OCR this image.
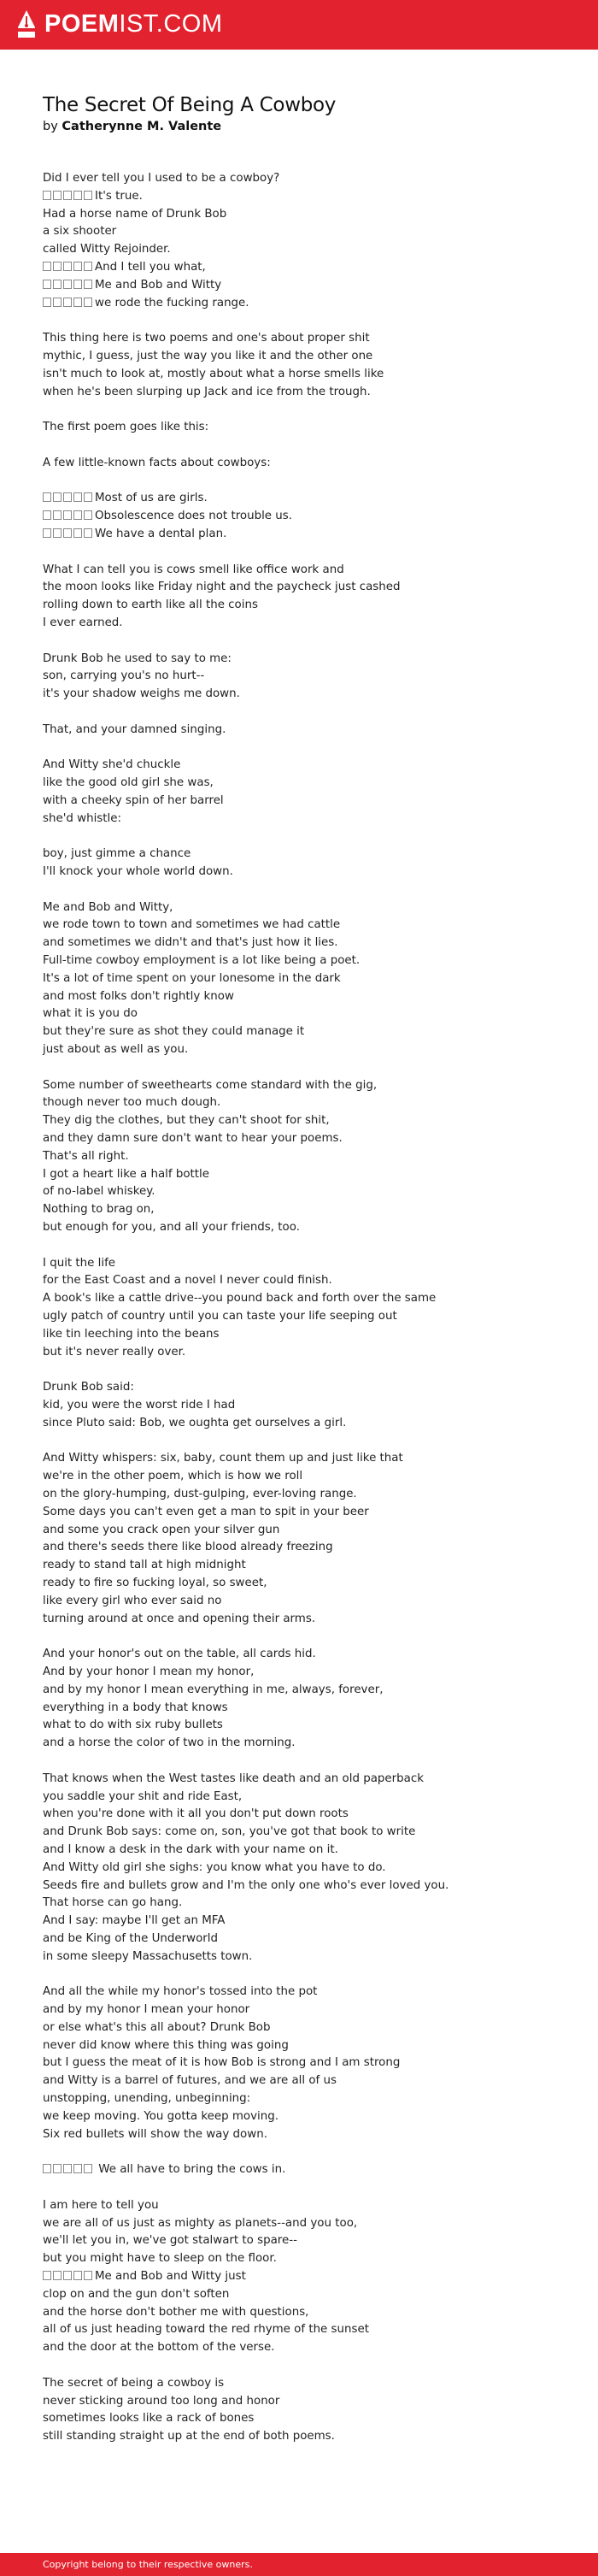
POEMIST.COM
The Secret Of Being A Cowboy
by Catherynne M. Valente
Did I ever tell you I used to be a cowboy?
It's true.
Had a horse name of Drunk Bob
a six shooter
called Witty Rejoinder.
And I tell you what,
Me and Bob and Witty
we rode the fucking range.
This thing here is two poems and one's about proper shit
mythic, I guess, just the way you like it and the other one
isn't much to look at, mostly about what a horse smells like
when he's been slurping up Jack and ice from the trough.
The first poem goes like this:
A few little-known facts about cowboys:
Most of us are girls.
Obsolescence does not trouble us.
We have a dental plan.
What I can tell you is cows smell like office work and
the moon looks like Friday night and the paycheck just cashed
rolling down to earth like all the coins
I ever earned.
Drunk Bob he used to say to me:
son, carrying you's no hurt--
it's your shadow weighs me down.
That, and your damned singing.
And Witty she'd chuckle
like the good old girl she was,
with a cheeky spin of her barrel
she'd whistle:
boy, just gimme a chance
I'll knock your whole world down.
Me and Bob and Witty,
we rode town to town and sometimes we had cattle
and sometimes we didn't and that's just how it lies.
Full-time cowboy employment is a lot like being a poet.
It's a lot of time spent on your lonesome in the dark
and most folks don't rightly know
what it is you do
but they're sure as shot they could manage it
just about as well as you.
Some number of sweethearts come standard with the gig,
though never too much dough.
They dig the clothes, but they can't shoot for shit,
and they damn sure don't want to hear your poems.
That's all right.
I got a heart like a half bottle
of no-label whiskey.
Nothing to brag on,
but enough for you, and all your friends, too.
I quit the life
for the East Coast and a novel I never could finish.
A book's like a cattle drive--you pound back and forth over the same
ugly patch of country until you can taste your life seeping out
like tin leeching into the beans
but it's never really over.
Drunk Bob said:
kid, you were the worst ride I had
since Pluto said: Bob, we oughta get ourselves a girl.
And Witty whispers: six, baby, count them up and just like that
we're in the other poem, which is how we roll
on the glory-humping, dust-gulping, ever-loving range.
Some days you can't even get a man to spit in your beer
and some you crack open your silver gun
and there's seeds there like blood already freezing
ready to stand tall at high midnight
ready to fire so fucking loyal, so sweet,
like every girl who ever said no
turning around at once and opening their arms.
And your honor's out on the table, all cards hid.
And by your honor I mean my honor,
and by my honor I mean everything in me, always, forever,
everything in a body that knows
what to do with six ruby bullets
and a horse the color of two in the morning.
That knows when the West tastes like death and an old paperback
you saddle your shit and ride East,
when you're done with it all you don't put down roots
and Drunk Bob says: come on, son, you've got that book to write
and I know a desk in the dark with your name on it.
And Witty old girl she sighs: you know what you have to do.
Seeds fire and bullets grow and I'm the only one who's ever loved you.
That horse can go hang.
And I say: maybe I'll get an MFA
and be King of the Underworld
in some sleepy Massachusetts town.
And all the while my honor's tossed into the pot
and by my honor I mean your honor
or else what's this all about? Drunk Bob
never did know where this thing was going
but I guess the meat of it is how Bob is strong and I am strong
and Witty is a barrel of futures, and we are all of us
unstopping, unending, unbeginning:
we keep moving. You gotta keep moving.
Six red bullets will show the way down.
We all have to bring the cows in.
I am here to tell you
we are all of us just as mighty as planets--and you too,
we'll let you in, we've got stalwart to spare--
but you might have to sleep on the floor.
Me and Bob and Witty just
clop on and the gun don't soften
and the horse don't bother me with questions,
all of us just heading toward the red rhyme of the sunset
and the door at the bottom of the verse.
The secret of being a cowboy is
never sticking around too long and honor
sometimes looks like a rack of bones
still standing straight up at the end of both poems.
Copyright belong to their respective owners.
